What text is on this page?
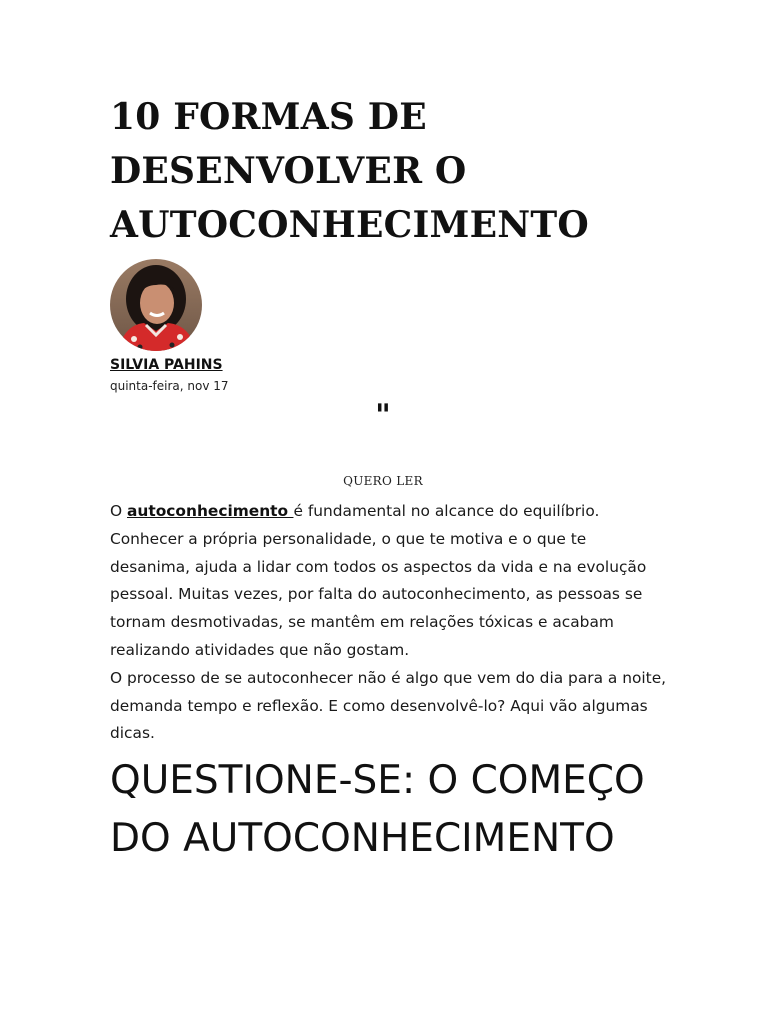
10 FORMAS DE DESENVOLVER O AUTOCONHECIMENTO
SILVIA PAHINS
quinta-feira, nov 17
"
QUERO LER

O autoconhecimento é fundamental no alcance do equilíbrio. Conhecer a própria personalidade, o que te motiva e o que te desanima, ajuda a lidar com todos os aspectos da vida e na evolução pessoal. Muitas vezes, por falta do autoconhecimento, as pessoas se tornam desmotivadas, se mantêm em relações tóxicas e acabam realizando atividades que não gostam.

O processo de se autoconhecer não é algo que vem do dia para a noite, demanda tempo e reflexão. E como desenvolvê-lo? Aqui vão algumas dicas.

QUESTIONE-SE: O COMEÇO DO AUTOCONHECIMENTO
